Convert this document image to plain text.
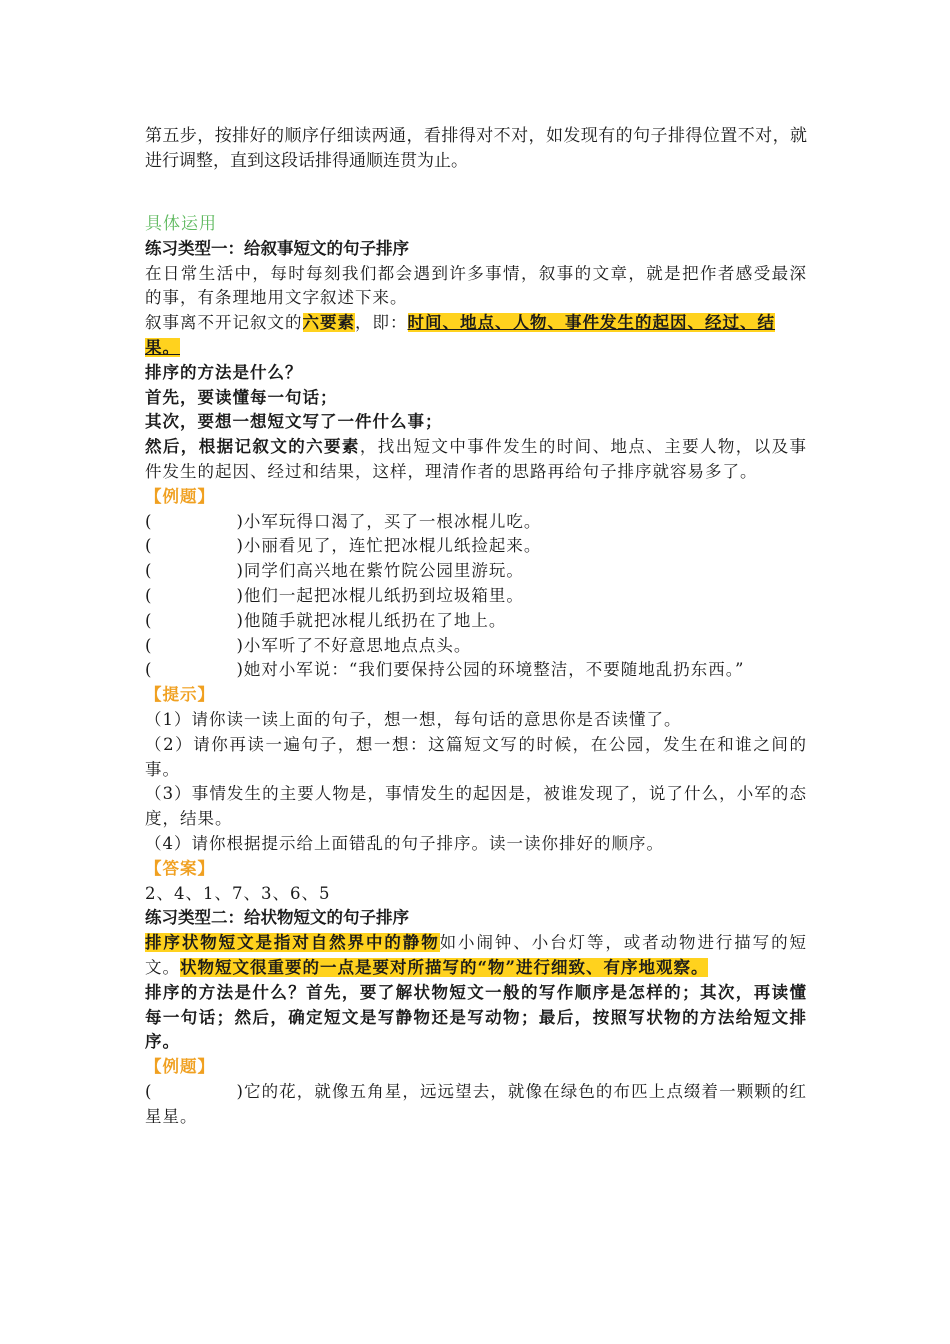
第五步，按排好的顺序仔细读两通，看排得对不对，如发现有的句子排得位置不对，就进行调整，直到这段话排得通顺连贯为止。

具体运用

练习类型一：给叙事短文的句子排序

在日常生活中，每时每刻我们都会遇到许多事情，叙事的文章，就是把作者感受最深的事，有条理地用文字叙述下来。

叙事离不开记叙文的六要素，即：时间、地点、人物、事件发生的起因、经过、结果。

排序的方法是什么？

首先，要读懂每一句话；

其次，要想一想短文写了一件什么事；

然后，根据记叙文的六要素，找出短文中事件发生的时间、地点、主要人物，以及事件发生的起因、经过和结果，这样，理清作者的思路再给句子排序就容易多了。

【例题】

(	)小军玩得口渴了，买了一根冰棍儿吃。

(	)小丽看见了，连忙把冰棍儿纸捡起来。

(	)同学们高兴地在紫竹院公园里游玩。

(	)他们一起把冰棍儿纸扔到垃圾箱里。

(	)他随手就把冰棍儿纸扔在了地上。

(	)小军听了不好意思地点点头。

(	)她对小军说：“我们要保持公园的环境整洁，不要随地乱扔东西。”

【提示】

（1）请你读一读上面的句子，想一想，每句话的意思你是否读懂了。

（2）请你再读一遍句子，想一想：这篇短文写的时候，在公园，发生在和谁之间的事。

（3）事情发生的主要人物是，事情发生的起因是，被谁发现了，说了什么，小军的态度，结果。

（4）请你根据提示给上面错乱的句子排序。读一读你排好的顺序。

【答案】

2、4、1、7、3、6、5

练习类型二：给状物短文的句子排序

排序状物短文是指对自然界中的静物如小闹钟、小台灯等，或者动物进行描写的短文。状物短文很重要的一点是要对所描写的“物”进行细致、有序地观察。

排序的方法是什么？首先，要了解状物短文一般的写作顺序是怎样的；其次，再读懂每一句话；然后，确定短文是写静物还是写动物；最后，按照写状物的方法给短文排序。

【例题】

(	)它的花，就像五角星，远远望去，就像在绿色的布匹上点缀着一颗颗的红星星。
